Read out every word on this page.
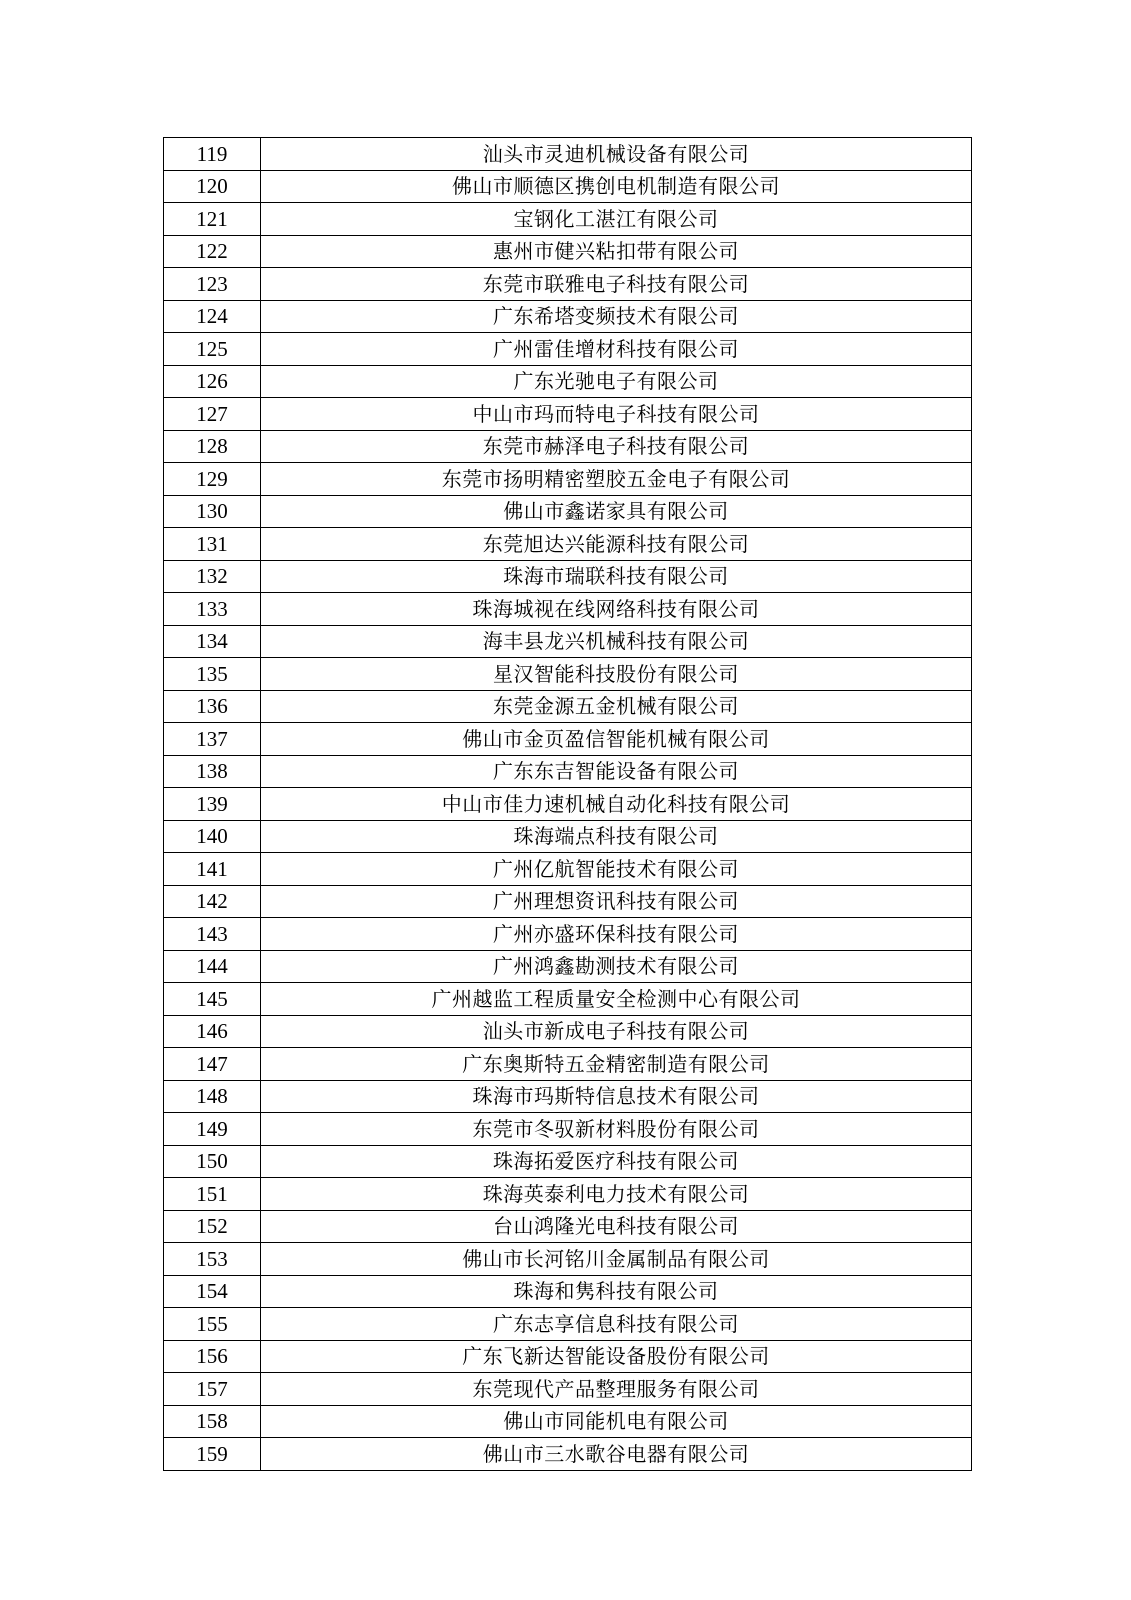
119	汕头市灵迪机械设备有限公司
120	佛山市顺德区携创电机制造有限公司
121	宝钢化工湛江有限公司
122	惠州市健兴粘扣带有限公司
123	东莞市联雅电子科技有限公司
124	广东希塔变频技术有限公司
125	广州雷佳增材科技有限公司
126	广东光驰电子有限公司
127	中山市玛而特电子科技有限公司
128	东莞市赫泽电子科技有限公司
129	东莞市扬明精密塑胶五金电子有限公司
130	佛山市鑫诺家具有限公司
131	东莞旭达兴能源科技有限公司
132	珠海市瑞联科技有限公司
133	珠海城视在线网络科技有限公司
134	海丰县龙兴机械科技有限公司
135	星汉智能科技股份有限公司
136	东莞金源五金机械有限公司
137	佛山市金页盈信智能机械有限公司
138	广东东吉智能设备有限公司
139	中山市佳力速机械自动化科技有限公司
140	珠海端点科技有限公司
141	广州亿航智能技术有限公司
142	广州理想资讯科技有限公司
143	广州亦盛环保科技有限公司
144	广州鸿鑫勘测技术有限公司
145	广州越监工程质量安全检测中心有限公司
146	汕头市新成电子科技有限公司
147	广东奥斯特五金精密制造有限公司
148	珠海市玛斯特信息技术有限公司
149	东莞市冬驭新材料股份有限公司
150	珠海拓爱医疗科技有限公司
151	珠海英泰利电力技术有限公司
152	台山鸿隆光电科技有限公司
153	佛山市长河铭川金属制品有限公司
154	珠海和隽科技有限公司
155	广东志享信息科技有限公司
156	广东飞新达智能设备股份有限公司
157	东莞现代产品整理服务有限公司
158	佛山市同能机电有限公司
159	佛山市三水歌谷电器有限公司
